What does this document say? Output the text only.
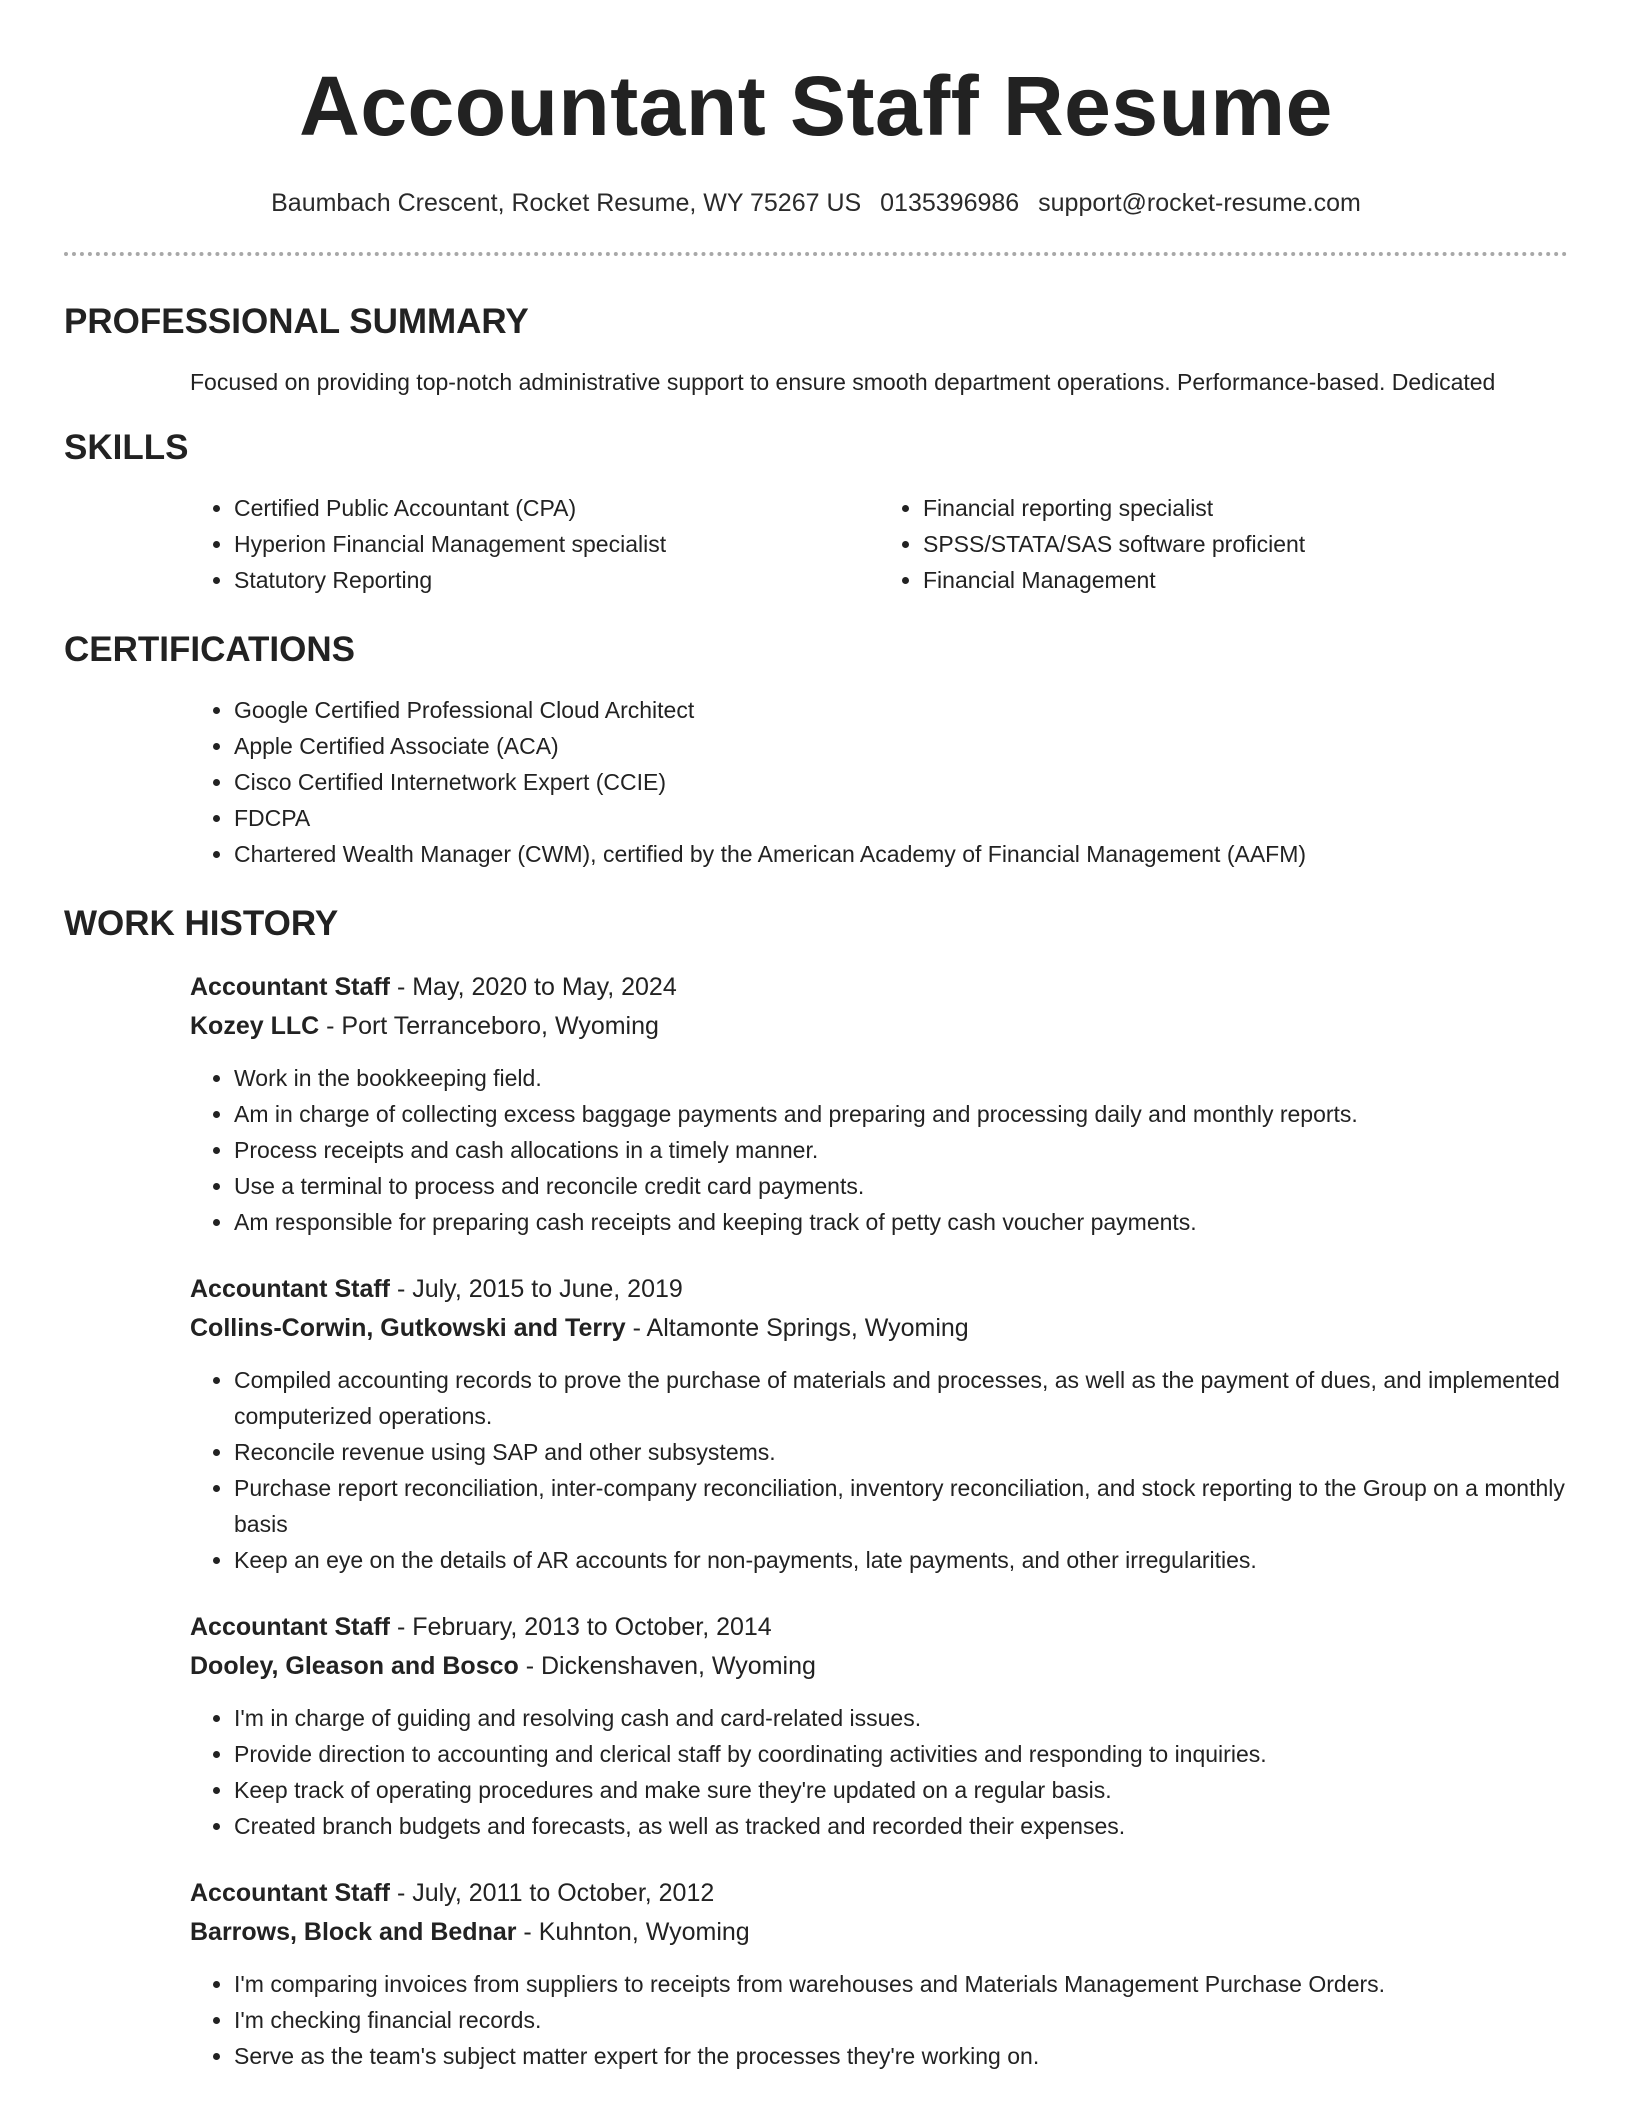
Accountant Staff Resume
Baumbach Crescent, Rocket Resume, WY 75267 US 0135396986 support@rocket-resume.com
PROFESSIONAL SUMMARY
Focused on providing top-notch administrative support to ensure smooth department operations. Performance-based. Dedicated
SKILLS
• Certified Public Accountant (CPA)
• Hyperion Financial Management specialist
• Statutory Reporting
• Financial reporting specialist
• SPSS/STATA/SAS software proficient
• Financial Management
CERTIFICATIONS
• Google Certified Professional Cloud Architect
• Apple Certified Associate (ACA)
• Cisco Certified Internetwork Expert (CCIE)
• FDCPA
• Chartered Wealth Manager (CWM), certified by the American Academy of Financial Management (AAFM)
WORK HISTORY
Accountant Staff - May, 2020 to May, 2024
Kozey LLC - Port Terranceboro, Wyoming
• Work in the bookkeeping field.
• Am in charge of collecting excess baggage payments and preparing and processing daily and monthly reports.
• Process receipts and cash allocations in a timely manner.
• Use a terminal to process and reconcile credit card payments.
• Am responsible for preparing cash receipts and keeping track of petty cash voucher payments.
Accountant Staff - July, 2015 to June, 2019
Collins-Corwin, Gutkowski and Terry - Altamonte Springs, Wyoming
• Compiled accounting records to prove the purchase of materials and processes, as well as the payment of dues, and implemented computerized operations.
• Reconcile revenue using SAP and other subsystems.
• Purchase report reconciliation, inter-company reconciliation, inventory reconciliation, and stock reporting to the Group on a monthly basis
• Keep an eye on the details of AR accounts for non-payments, late payments, and other irregularities.
Accountant Staff - February, 2013 to October, 2014
Dooley, Gleason and Bosco - Dickenshaven, Wyoming
• I'm in charge of guiding and resolving cash and card-related issues.
• Provide direction to accounting and clerical staff by coordinating activities and responding to inquiries.
• Keep track of operating procedures and make sure they're updated on a regular basis.
• Created branch budgets and forecasts, as well as tracked and recorded their expenses.
Accountant Staff - July, 2011 to October, 2012
Barrows, Block and Bednar - Kuhnton, Wyoming
• I'm comparing invoices from suppliers to receipts from warehouses and Materials Management Purchase Orders.
• I'm checking financial records.
• Serve as the team's subject matter expert for the processes they're working on.
